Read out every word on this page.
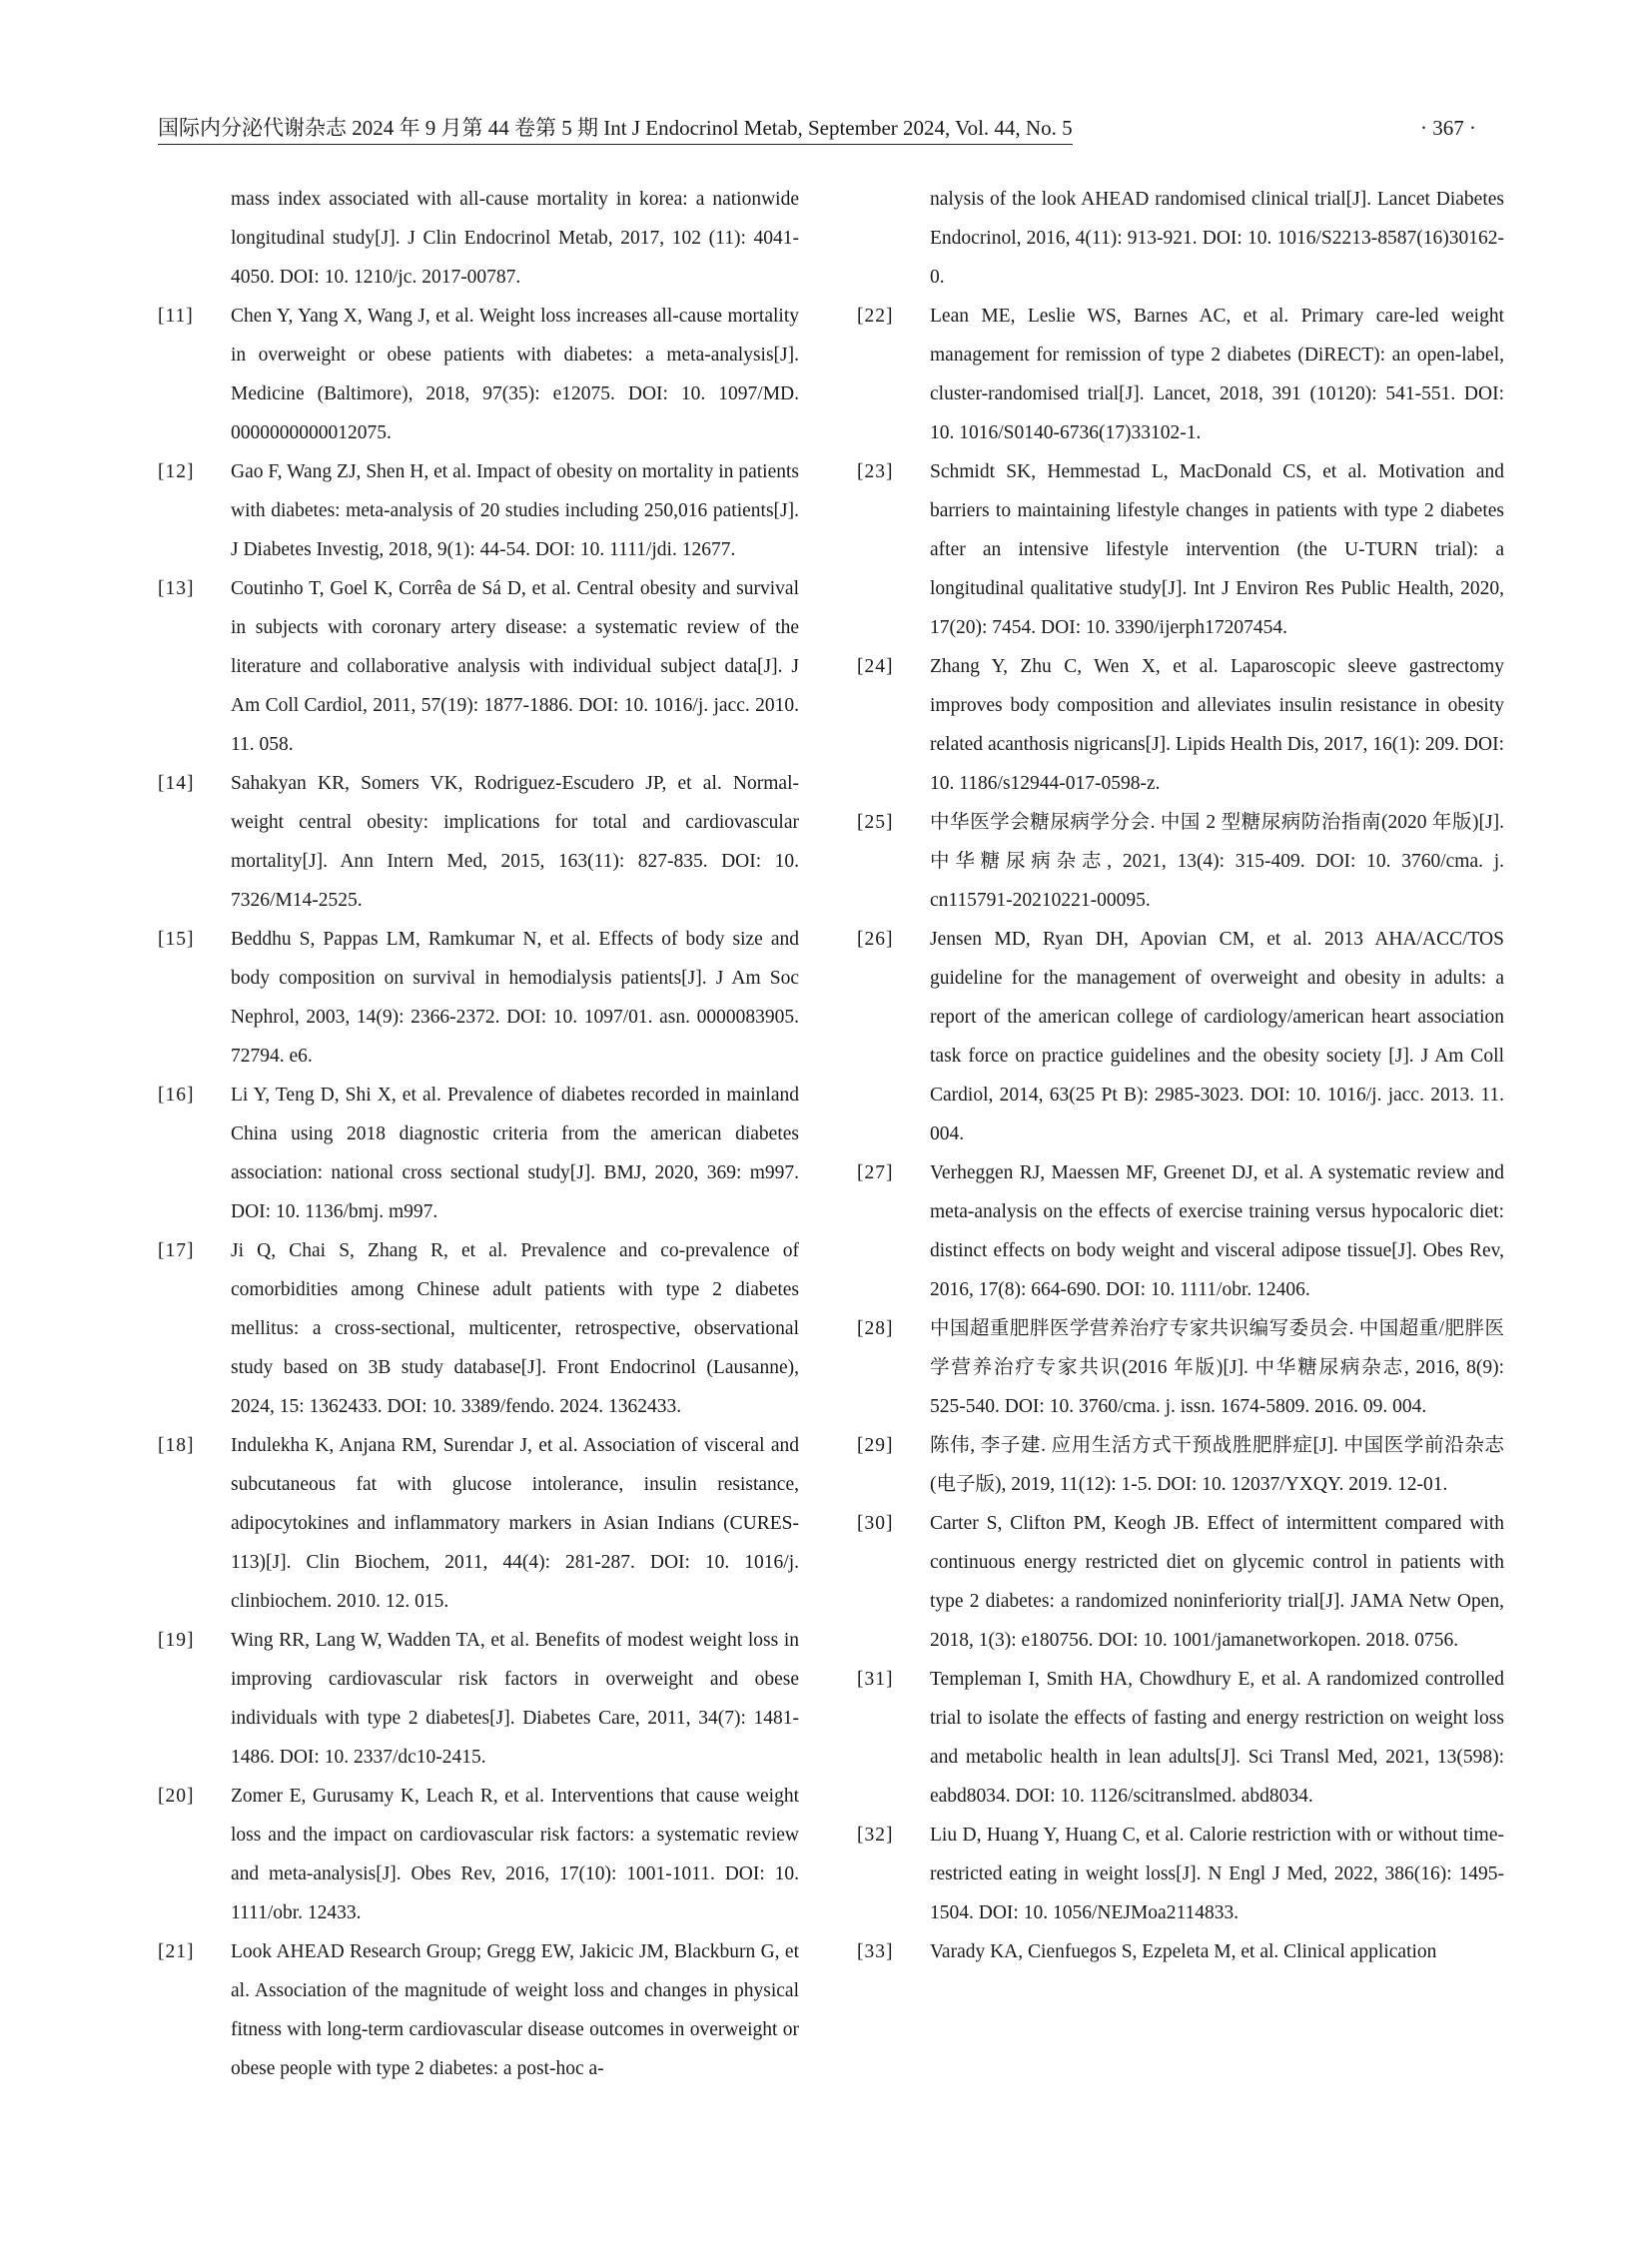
国际内分泌代谢杂志 2024 年 9 月第 44 卷第 5 期 Int J Endocrinol Metab, September 2024, Vol. 44, No. 5	· 367 ·

mass index associated with all-cause mortality in korea: a nationwide longitudinal study[J]. J Clin Endocrinol Metab, 2017, 102 (11): 4041-4050. DOI: 10. 1210/jc. 2017-00787.

[11]	Chen Y, Yang X, Wang J, et al. Weight loss increases all-cause mortality in overweight or obese patients with diabetes: a meta-analysis[J]. Medicine (Baltimore), 2018, 97(35): e12075. DOI: 10. 1097/MD. 0000000000012075.

[12]	Gao F, Wang ZJ, Shen H, et al. Impact of obesity on mortality in patients with diabetes: meta-analysis of 20 studies including 250,016 patients[J]. J Diabetes Investig, 2018, 9(1): 44-54. DOI: 10. 1111/jdi. 12677.

[13]	Coutinho T, Goel K, Corrêa de Sá D, et al. Central obesity and survival in subjects with coronary artery disease: a systematic review of the literature and collaborative analysis with individual subject data[J]. J Am Coll Cardiol, 2011, 57(19): 1877-1886. DOI: 10. 1016/j. jacc. 2010. 11. 058.

[14]	Sahakyan KR, Somers VK, Rodriguez-Escudero JP, et al. Normal-weight central obesity: implications for total and cardiovascular mortality[J]. Ann Intern Med, 2015, 163(11): 827-835. DOI: 10. 7326/M14-2525.

[15]	Beddhu S, Pappas LM, Ramkumar N, et al. Effects of body size and body composition on survival in hemodialysis patients[J]. J Am Soc Nephrol, 2003, 14(9): 2366-2372. DOI: 10. 1097/01. asn. 0000083905. 72794. e6.

[16]	Li Y, Teng D, Shi X, et al. Prevalence of diabetes recorded in mainland China using 2018 diagnostic criteria from the american diabetes association: national cross sectional study[J]. BMJ, 2020, 369: m997. DOI: 10. 1136/bmj. m997.

[17]	Ji Q, Chai S, Zhang R, et al. Prevalence and co-prevalence of comorbidities among Chinese adult patients with type 2 diabetes mellitus: a cross-sectional, multicenter, retrospective, observational study based on 3B study database[J]. Front Endocrinol (Lausanne), 2024, 15: 1362433. DOI: 10. 3389/fendo. 2024. 1362433.

[18]	Indulekha K, Anjana RM, Surendar J, et al. Association of visceral and subcutaneous fat with glucose intolerance, insulin resistance, adipocytokines and inflammatory markers in Asian Indians (CURES-113)[J]. Clin Biochem, 2011, 44(4): 281-287. DOI: 10. 1016/j. clinbiochem. 2010. 12. 015.

[19]	Wing RR, Lang W, Wadden TA, et al. Benefits of modest weight loss in improving cardiovascular risk factors in overweight and obese individuals with type 2 diabetes[J]. Diabetes Care, 2011, 34(7): 1481-1486. DOI: 10. 2337/dc10-2415.

[20]	Zomer E, Gurusamy K, Leach R, et al. Interventions that cause weight loss and the impact on cardiovascular risk factors: a systematic review and meta-analysis[J]. Obes Rev, 2016, 17(10): 1001-1011. DOI: 10. 1111/obr. 12433.

[21]	Look AHEAD Research Group; Gregg EW, Jakicic JM, Blackburn G, et al. Association of the magnitude of weight loss and changes in physical fitness with long-term cardiovascular disease outcomes in overweight or obese people with type 2 diabetes: a post-hoc a-

nalysis of the look AHEAD randomised clinical trial[J]. Lancet Diabetes Endocrinol, 2016, 4(11): 913-921. DOI: 10. 1016/S2213-8587(16)30162-0.

[22]	Lean ME, Leslie WS, Barnes AC, et al. Primary care-led weight management for remission of type 2 diabetes (DiRECT): an open-label, cluster-randomised trial[J]. Lancet, 2018, 391 (10120): 541-551. DOI: 10. 1016/S0140-6736(17)33102-1.

[23]	Schmidt SK, Hemmestad L, MacDonald CS, et al. Motivation and barriers to maintaining lifestyle changes in patients with type 2 diabetes after an intensive lifestyle intervention (the U-TURN trial): a longitudinal qualitative study[J]. Int J Environ Res Public Health, 2020, 17(20): 7454. DOI: 10. 3390/ijerph17207454.

[24]	Zhang Y, Zhu C, Wen X, et al. Laparoscopic sleeve gastrectomy improves body composition and alleviates insulin resistance in obesity related acanthosis nigricans[J]. Lipids Health Dis, 2017, 16(1): 209. DOI: 10. 1186/s12944-017-0598-z.

[25]	中华医学会糖尿病学分会. 中国 2 型糖尿病防治指南(2020 年版)[J]. 中华糖尿病杂志, 2021, 13(4): 315-409. DOI: 10. 3760/cma. j. cn115791-20210221-00095.

[26]	Jensen MD, Ryan DH, Apovian CM, et al. 2013 AHA/ACC/TOS guideline for the management of overweight and obesity in adults: a report of the american college of cardiology/american heart association task force on practice guidelines and the obesity society [J]. J Am Coll Cardiol, 2014, 63(25 Pt B): 2985-3023. DOI: 10. 1016/j. jacc. 2013. 11. 004.

[27]	Verheggen RJ, Maessen MF, Greenet DJ, et al. A systematic review and meta-analysis on the effects of exercise training versus hypocaloric diet: distinct effects on body weight and visceral adipose tissue[J]. Obes Rev, 2016, 17(8): 664-690. DOI: 10. 1111/obr. 12406.

[28]	中国超重肥胖医学营养治疗专家共识编写委员会. 中国超重/肥胖医学营养治疗专家共识(2016 年版)[J]. 中华糖尿病杂志, 2016, 8(9): 525-540. DOI: 10. 3760/cma. j. issn. 1674-5809. 2016. 09. 004.

[29]	陈伟, 李子建. 应用生活方式干预战胜肥胖症[J]. 中国医学前沿杂志(电子版), 2019, 11(12): 1-5. DOI: 10. 12037/YXQY. 2019. 12-01.

[30]	Carter S, Clifton PM, Keogh JB. Effect of intermittent compared with continuous energy restricted diet on glycemic control in patients with type 2 diabetes: a randomized noninferiority trial[J]. JAMA Netw Open, 2018, 1(3): e180756. DOI: 10. 1001/jamanetworkopen. 2018. 0756.

[31]	Templeman I, Smith HA, Chowdhury E, et al. A randomized controlled trial to isolate the effects of fasting and energy restriction on weight loss and metabolic health in lean adults[J]. Sci Transl Med, 2021, 13(598): eabd8034. DOI: 10. 1126/scitranslmed. abd8034.

[32]	Liu D, Huang Y, Huang C, et al. Calorie restriction with or without time-restricted eating in weight loss[J]. N Engl J Med, 2022, 386(16): 1495-1504. DOI: 10. 1056/NEJMoa2114833.

[33]	Varady KA, Cienfuegos S, Ezpeleta M, et al. Clinical application
